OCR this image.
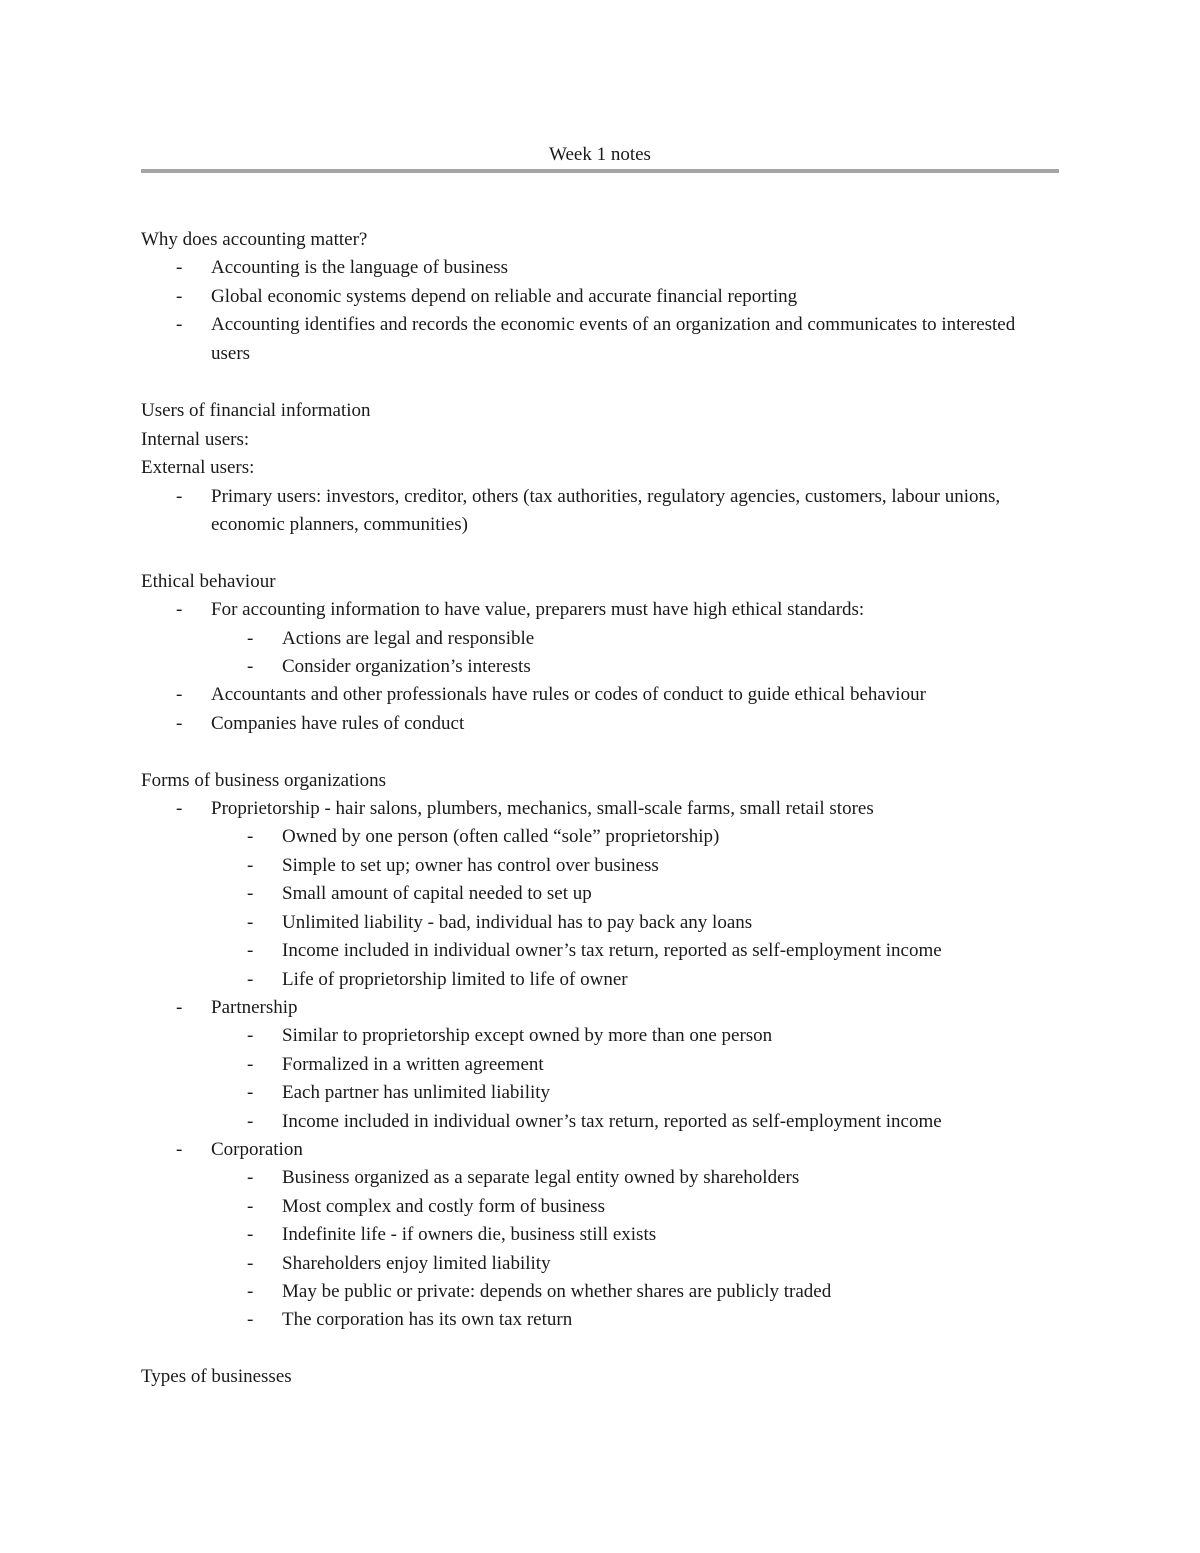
Week 1 notes
Why does accounting matter?
- Accounting is the language of business
- Global economic systems depend on reliable and accurate financial reporting
- Accounting identifies and records the economic events of an organization and communicates to interested users
Users of financial information
Internal users:
External users:
- Primary users: investors, creditor, others (tax authorities, regulatory agencies, customers, labour unions, economic planners, communities)
Ethical behaviour
- For accounting information to have value, preparers must have high ethical standards:
- Actions are legal and responsible
- Consider organization’s interests
- Accountants and other professionals have rules or codes of conduct to guide ethical behaviour
- Companies have rules of conduct
Forms of business organizations
- Proprietorship - hair salons, plumbers, mechanics, small-scale farms, small retail stores
- Owned by one person (often called “sole” proprietorship)
- Simple to set up; owner has control over business
- Small amount of capital needed to set up
- Unlimited liability - bad, individual has to pay back any loans
- Income included in individual owner’s tax return, reported as self-employment income
- Life of proprietorship limited to life of owner
- Partnership
- Similar to proprietorship except owned by more than one person
- Formalized in a written agreement
- Each partner has unlimited liability
- Income included in individual owner’s tax return, reported as self-employment income
- Corporation
- Business organized as a separate legal entity owned by shareholders
- Most complex and costly form of business
- Indefinite life - if owners die, business still exists
- Shareholders enjoy limited liability
- May be public or private: depends on whether shares are publicly traded
- The corporation has its own tax return
Types of businesses
